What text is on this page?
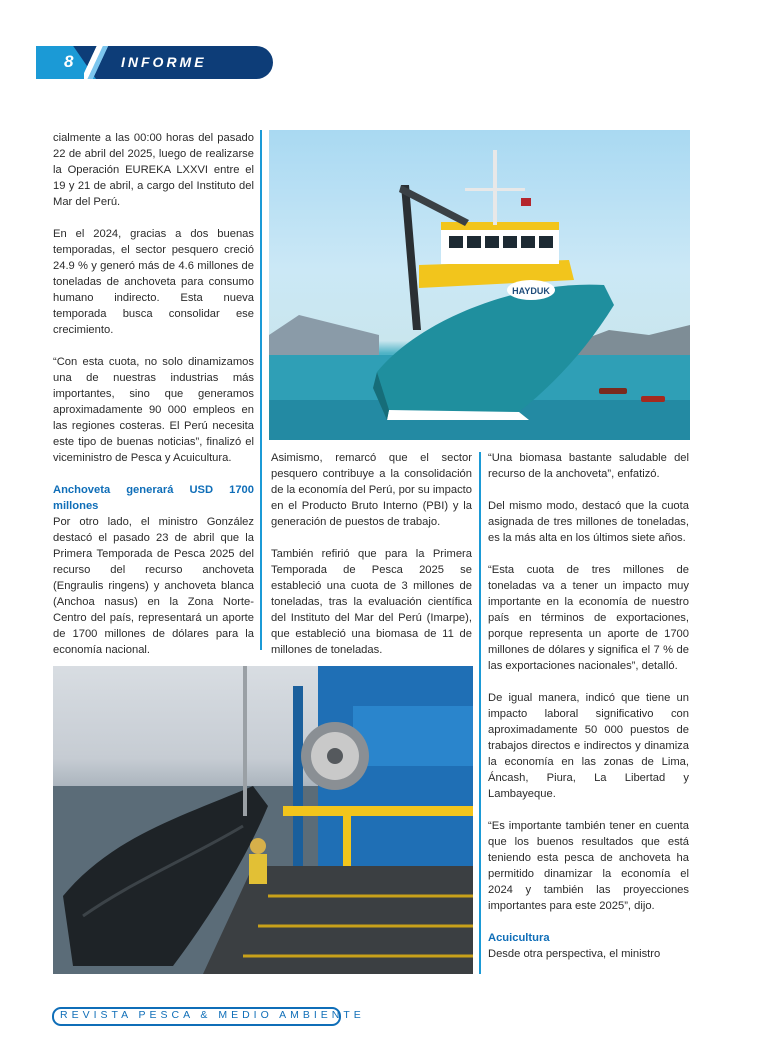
8	INFORME

cialmente a las 00:00 horas del pasado 22 de abril del 2025, luego de realizarse la Operación EUREKA LXXVI entre el 19 y 21 de abril, a cargo del Instituto del Mar del Perú.

En el 2024, gracias a dos buenas temporadas, el sector pesquero creció 24.9 % y generó más de 4.6 millones de toneladas de anchoveta para consumo humano indirecto. Esta nueva temporada busca consolidar ese crecimiento.

“Con esta cuota, no solo dinamizamos una de nuestras industrias más importantes, sino que generamos aproximadamente 90 000 empleos en las regiones costeras. El Perú necesita este tipo de buenas noticias”, finalizó el viceministro de Pesca y Acuicultura.

Anchoveta generará USD 1700 millones

Por otro lado, el ministro González destacó el pasado 23 de abril que la Primera Temporada de Pesca 2025 del recurso del recurso anchoveta (Engraulis ringens) y anchoveta blanca (Anchoa nasus) en la Zona Norte-Centro del país, representará un aporte de 1700 millones de dólares para la economía nacional.

HAYDUK

Asimismo, remarcó que el sector pesquero contribuye a la consolidación de la economía del Perú, por su impacto en el Producto Bruto Interno (PBI) y la generación de puestos de trabajo.

También refirió que para la Primera Temporada de Pesca 2025 se estableció una cuota de 3 millones de toneladas, tras la evaluación científica del Instituto del Mar del Perú (Imarpe), que estableció una biomasa de 11 de millones de toneladas.

“Una biomasa bastante saludable del recurso de la anchoveta”, enfatizó.

Del mismo modo, destacó que la cuota asignada de tres millones de toneladas, es la más alta en los últimos siete años.

“Esta cuota de tres millones de toneladas va a tener un impacto muy importante en la economía de nuestro país en términos de exportaciones, porque representa un aporte de 1700 millones de dólares y significa el 7 % de las exportaciones nacionales”, detalló.

De igual manera, indicó que tiene un impacto laboral significativo con aproximadamente 50 000 puestos de trabajos directos e indirectos y dinamiza la economía en las zonas de Lima, Áncash, Piura, La Libertad y Lambayeque.

“Es importante también tener en cuenta que los buenos resultados que está teniendo esta pesca de anchoveta ha permitido dinamizar la economía el 2024 y también las proyecciones importantes para este 2025”, dijo.

Acuicultura

Desde otra perspectiva, el ministro

REVISTA PESCA & MEDIO AMBIENTE
